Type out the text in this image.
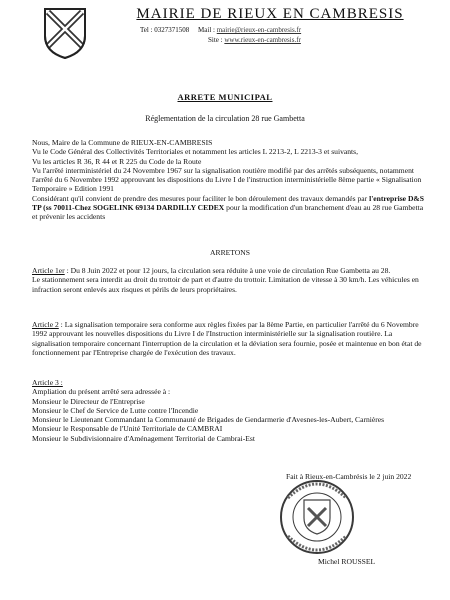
MAIRIE DE RIEUX EN CAMBRESIS
Tel : 0327371508 Mail : mairie@rieux-en-cambresis.fr
Site : www.rieux-en-cambresis.fr
ARRETE MUNICIPAL
Réglementation de la circulation 28 rue Gambetta

Nous, Maire de la Commune de RIEUX-EN-CAMBRESIS

Vu le Code Général des Collectivités Territoriales et notamment les articles L 2213-2, L 2213-3 et suivants,

Vu les articles R 36, R 44 et R 225 du Code de la Route

Vu l'arrêté interministériel du 24 Novembre 1967 sur la signalisation routière modifié par des arrêtés subséquents, notamment l'arrêté du 6 Novembre 1992 approuvant les dispositions du Livre I de l'instruction interministérielle 8ème partie « Signalisation Temporaire » Edition 1991

Considérant qu'il convient de prendre des mesures pour faciliter le bon déroulement des travaux demandés par l'entreprise D&S TP (ss 70011-Chez SOGELINK 69134 DARDILLY CEDEX pour la modification d'un branchement d'eau au 28 rue Gambetta et prévenir les accidents

ARRETONS

Article 1er : Du 8 Juin 2022 et pour 12 jours, la circulation sera réduite à une voie de circulation Rue Gambetta au 28.

Le stationnement sera interdit au droit du trottoir de part et d'autre du trottoir. Limitation de vitesse à 30 km/h. Les véhicules en infraction seront enlevés aux risques et périls de leurs propriétaires.

Article 2 : La signalisation temporaire sera conforme aux règles fixées par la 8ème Partie, en particulier l'arrêté du 6 Novembre 1992 approuvant les nouvelles dispositions du Livre I de l'Instruction interministérielle sur la signalisation routière. La signalisation temporaire concernant l'interruption de la circulation et la déviation sera fournie, posée et maintenue en bon état de fonctionnement par l'Entreprise chargée de l'exécution des travaux.

Article 3 :

Ampliation du présent arrêté sera adressée à :

Monsieur le Directeur de l'Entreprise

Monsieur le Chef de Service de Lutte contre l'Incendie

Monsieur le Lieutenant Commandant la Communauté de Brigades de Gendarmerie d'Avesnes-les-Aubert, Carnières

Monsieur le Responsable de l'Unité Territoriale de CAMBRAI

Monsieur le Subdivisionnaire d'Aménagement Territorial de Cambrai-Est

Fait à Rieux-en-Cambrésis le 2 juin 2022
Michel ROUSSEL
